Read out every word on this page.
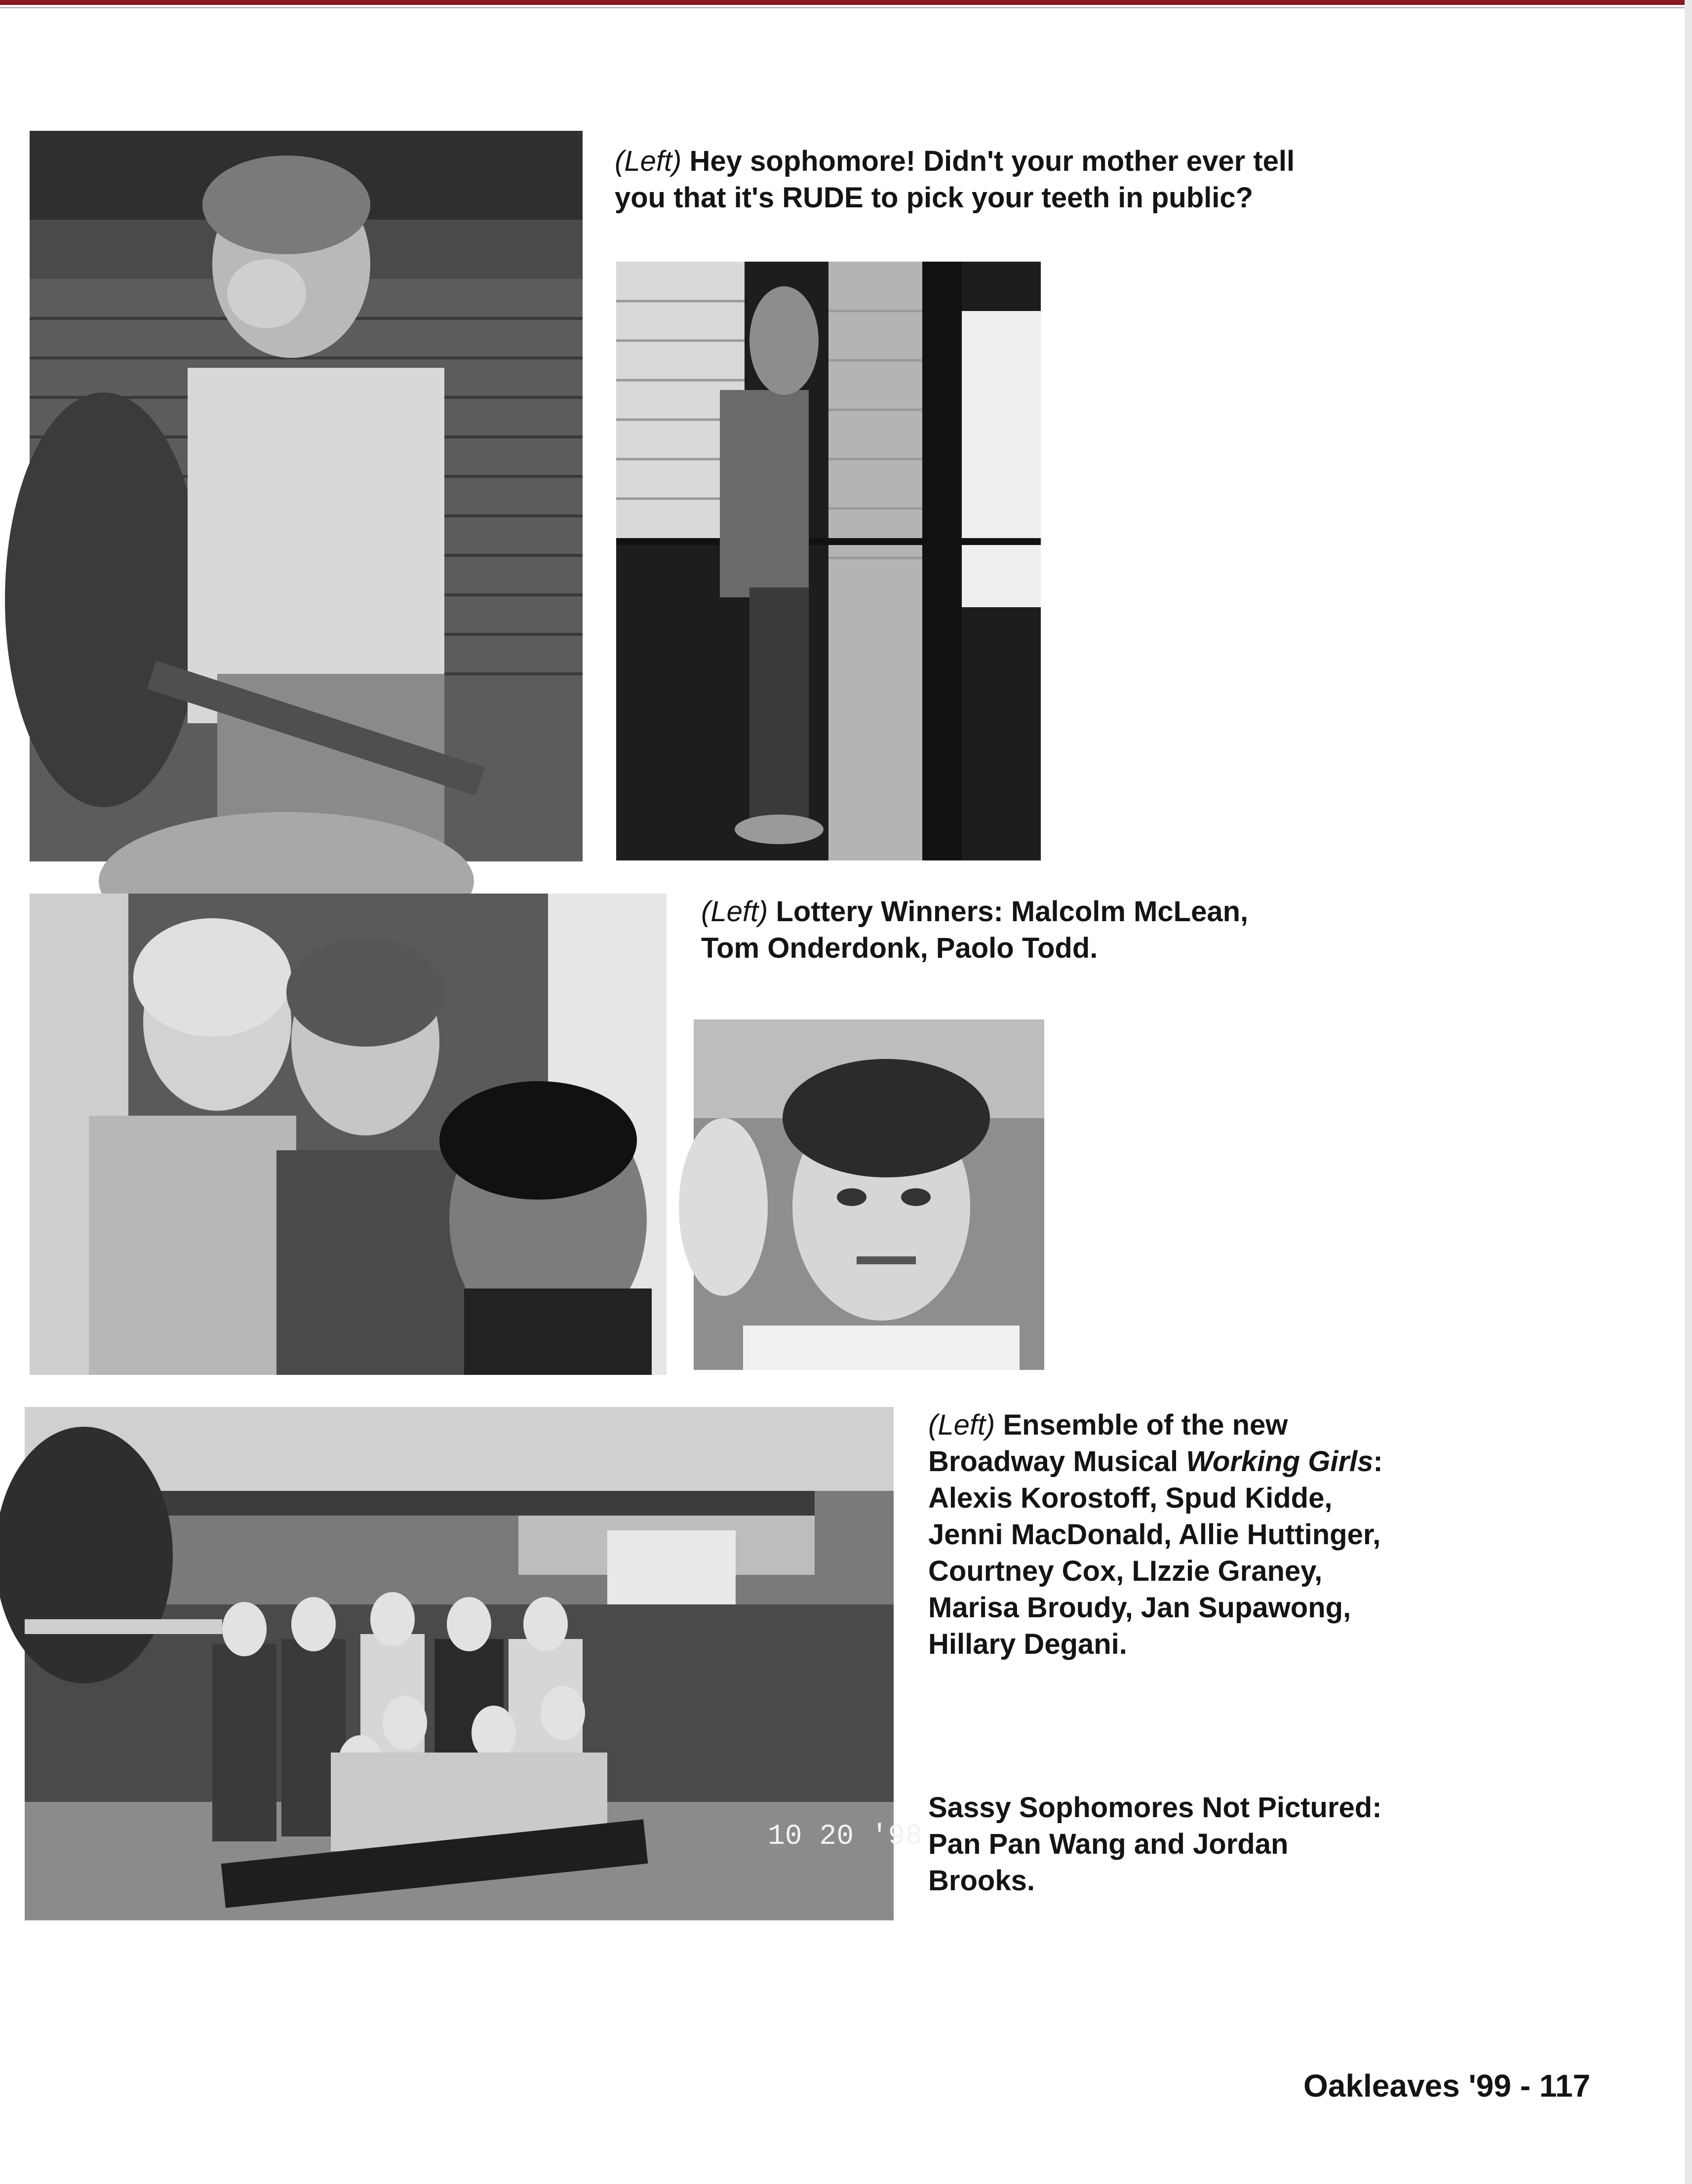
10 20 '98
(Left) Hey sophomore! Didn't your mother ever tell you that it's RUDE to pick your teeth in public?
(Left) Lottery Winners: Malcolm McLean, Tom Onderdonk, Paolo Todd.
(Left) Ensemble of the new Broadway Musical Working Girls: Alexis Korostoff, Spud Kidde, Jenni MacDonald, Allie Huttinger, Courtney Cox, LIzzie Graney, Marisa Broudy, Jan Supawong, Hillary Degani.
Sassy Sophomores Not Pictured: Pan Pan Wang and Jordan Brooks.
Oakleaves '99 - 117
